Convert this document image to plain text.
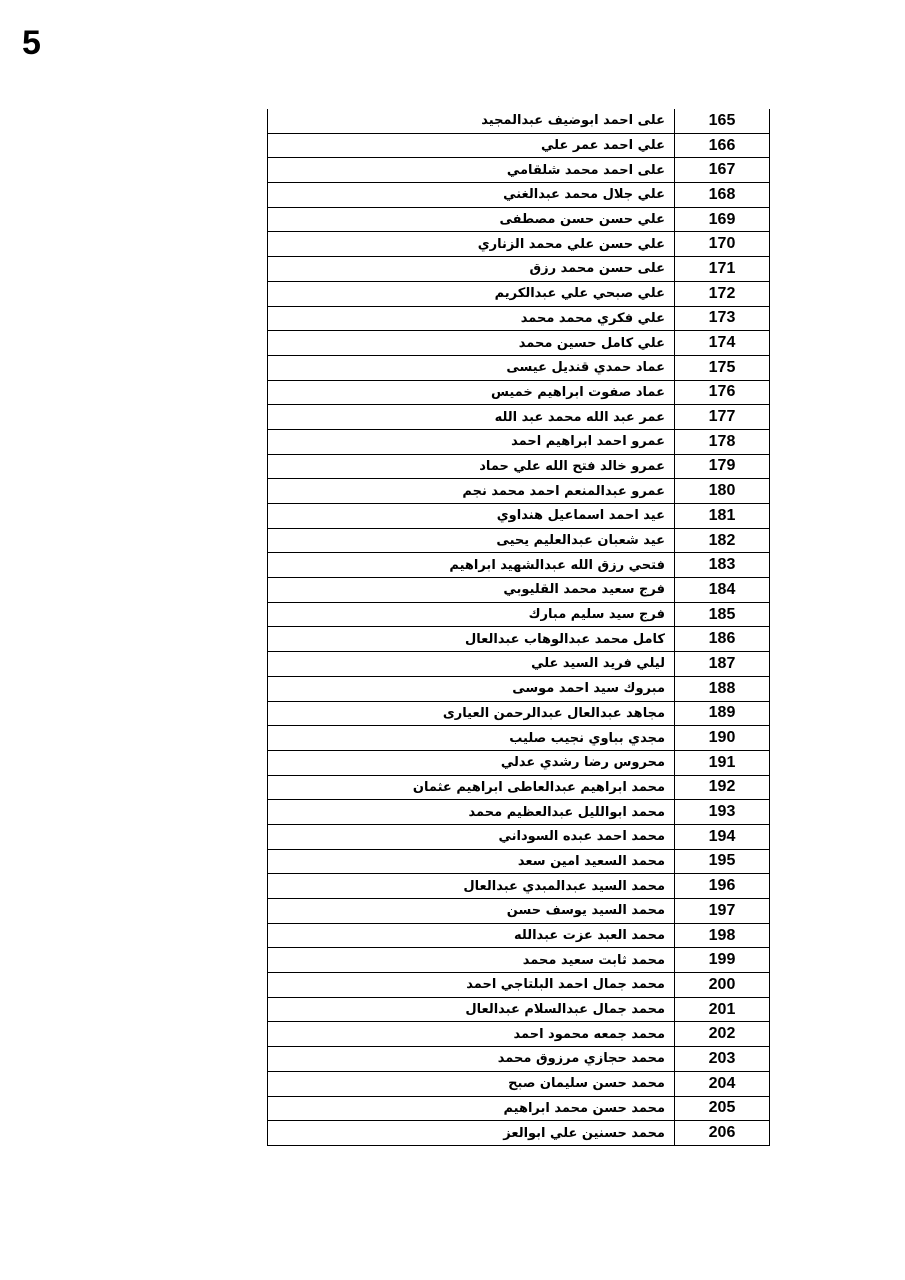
5
165	على احمد ابوضيف عبدالمجيد
166	علي احمد عمر علي
167	على احمد محمد شلقامي
168	علي جلال محمد عبدالغني
169	علي حسن حسن مصطفى
170	علي حسن علي محمد الزناري
171	على حسن محمد رزق
172	علي صبحي علي عبدالكريم
173	علي فكري محمد محمد
174	علي كامل حسين محمد
175	عماد حمدي قنديل عيسى
176	عماد صفوت ابراهيم خميس
177	عمر عبد الله محمد عبد الله
178	عمرو احمد ابراهيم احمد
179	عمرو خالد فتح الله علي حماد
180	عمرو عبدالمنعم احمد محمد نجم
181	عيد احمد اسماعيل هنداوي
182	عيد شعبان عبدالعليم يحيى
183	فتحي رزق الله عبدالشهيد ابراهيم
184	فرج سعيد محمد القليوبي
185	فرج سيد سليم مبارك
186	كامل محمد عبدالوهاب عبدالعال
187	ليلي فريد السيد علي
188	مبروك سيد احمد موسى
189	مجاهد عبدالعال عبدالرحمن العيارى
190	مجدي بباوي نجيب صليب
191	محروس رضا رشدي عدلي
192	محمد ابراهيم عبدالعاطى ابراهيم عثمان
193	محمد ابوالليل عبدالعظيم محمد
194	محمد احمد عبده السوداني
195	محمد السعيد امين سعد
196	محمد السيد عبدالمبدي عبدالعال
197	محمد السيد يوسف حسن
198	محمد العبد عزت عبدالله
199	محمد ثابت سعيد محمد
200	محمد جمال احمد البلتاجي احمد
201	محمد جمال عبدالسلام عبدالعال
202	محمد جمعه محمود احمد
203	محمد حجازي مرزوق محمد
204	محمد حسن سليمان صبح
205	محمد حسن محمد ابراهيم
206	محمد حسنين علي ابوالعز
